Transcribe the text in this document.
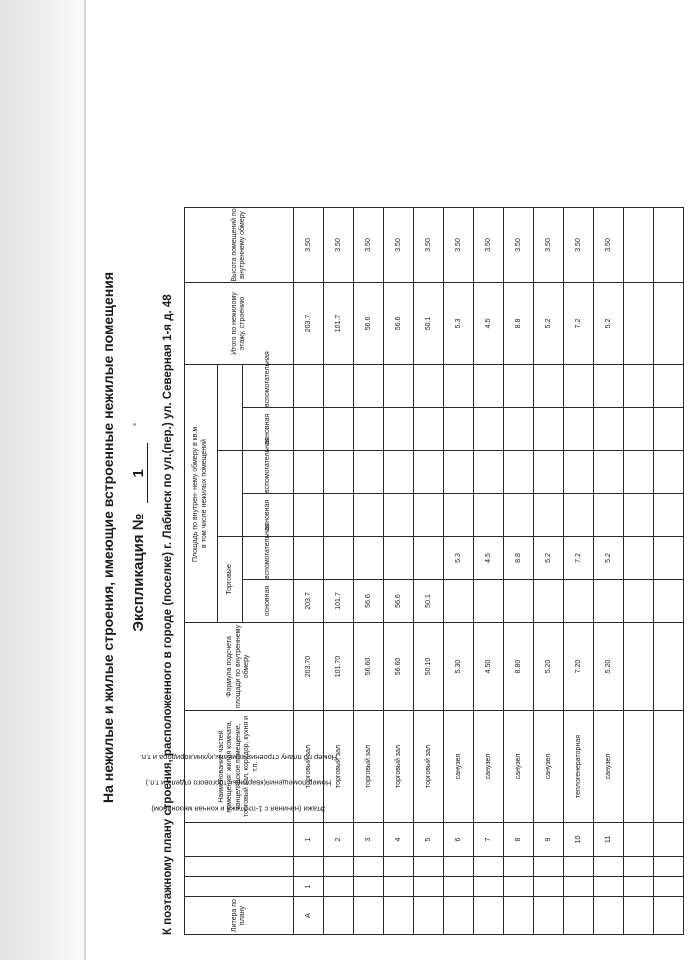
На нежилые и жилые строения, имеющие встроенные нежилые помещения Экспликация № 1 К поэтажному плану строения, расположенного в городе (поселке) г. Лабинск по ул.(пер.) ул. Северная 1-я д. 48	Литера по плану	Этажи (начиная с 1-го этажа и кончая мезонином)	Номер помещения(квартиры, торгового отдела и т.п.)	Номер по плану строения комнаты,кухни,коридора и т.п.	Наименование частей помещения: жилая комната, канцелярское помещение, торговый зал, коридор, кухня и т.п.	Формула подсчета площади по внутреннему обмеру	Площадь по внутрен- нему обмеру в кв.м. в том числе нежилых помещений						Итого по нежилому этажу, строению	Высота помещений по внутреннему обмеру
						Торговые							
						основная	вспомогательная	основная	вспомогательная	основная	вспомогательная		
А	1		1	торговый зал	203.70	203.7						203.7	3.50
			2	торговый зал	101.70	101.7						101.7	3.50
			3	торговый зал	56.60	56.6						56.6	3.50
			4	торговый зал	56.60	56.6						56.6	3.50
			5	торговый зал	50.10	50.1						50.1	3.50
			6	санузел	5.30		5.3					5.3	3.50
			7	санузел	4.50		4.5					4.5	3.50
			8	санузел	8.80		8.8					8.8	3.50
			9	санузел	5.20		5.2					5.2	3.50
			10	теплогенераторная	7.20		7.2					7.2	3.50
			11	санузел	5.20		5.2					5.2	3.50
